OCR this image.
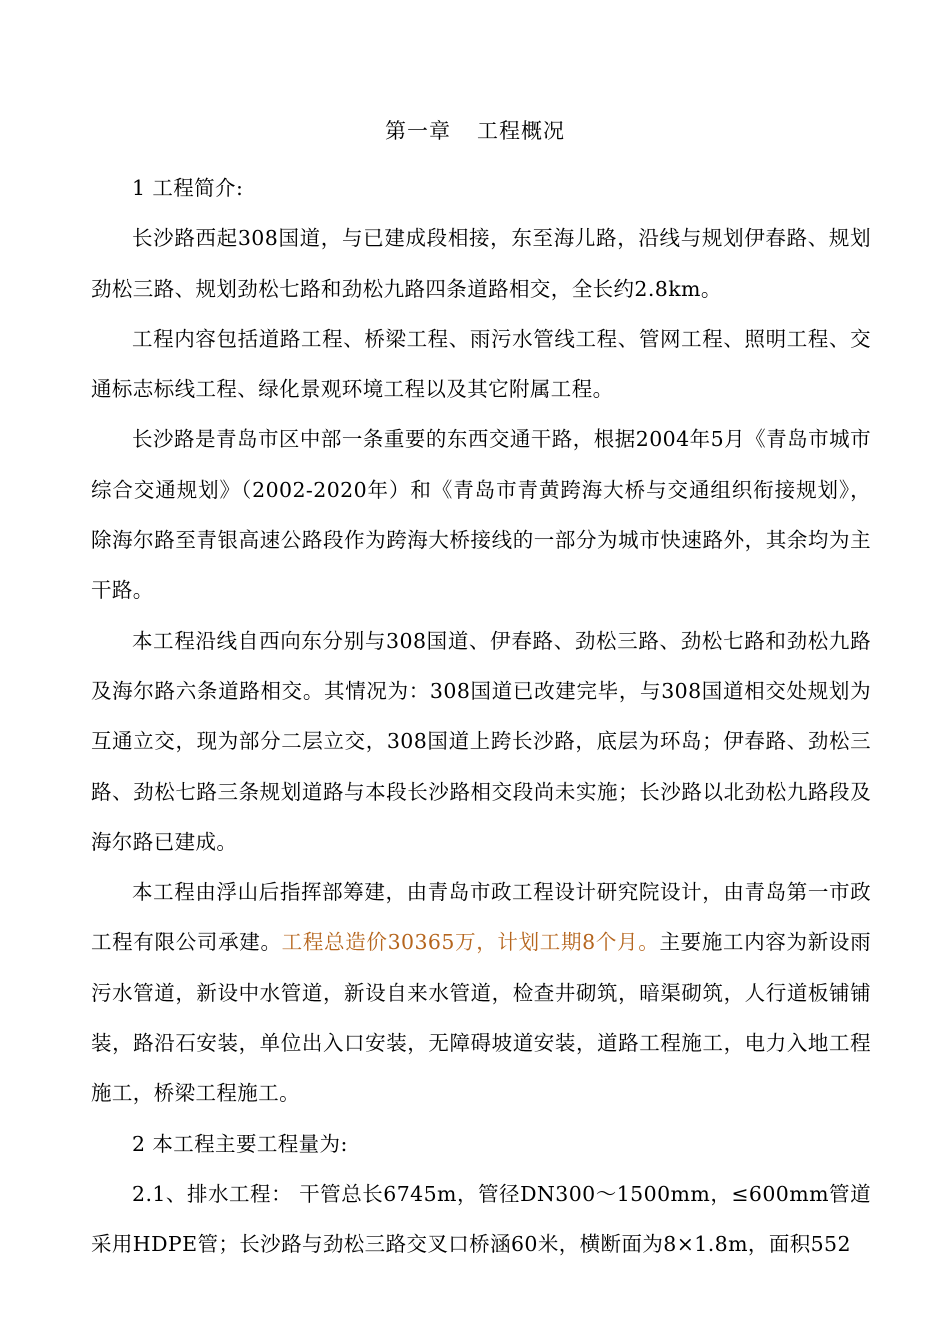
第一章 工程概况

1 工程简介:

长沙路西起308国道，与已建成段相接，东至海儿路，沿线与规划伊春路、规划劲松三路、规划劲松七路和劲松九路四条道路相交，全长约2.8km。

工程内容包括道路工程、桥梁工程、雨污水管线工程、管网工程、照明工程、交通标志标线工程、绿化景观环境工程以及其它附属工程。

长沙路是青岛市区中部一条重要的东西交通干路，根据2004年5月《青岛市城市综合交通规划》（2002-2020年）和《青岛市青黄跨海大桥与交通组织衔接规划》，除海尔路至青银高速公路段作为跨海大桥接线的一部分为城市快速路外，其余均为主干路。

本工程沿线自西向东分别与308国道、伊春路、劲松三路、劲松七路和劲松九路及海尔路六条道路相交。其情况为：308国道已改建完毕，与308国道相交处规划为互通立交，现为部分二层立交，308国道上跨长沙路，底层为环岛；伊春路、劲松三路、劲松七路三条规划道路与本段长沙路相交段尚未实施；长沙路以北劲松九路段及海尔路已建成。

本工程由浮山后指挥部筹建，由青岛市政工程设计研究院设计，由青岛第一市政工程有限公司承建。工程总造价30365万，计划工期8个月。主要施工内容为新设雨污水管道，新设中水管道，新设自来水管道，检查井砌筑，暗渠砌筑，人行道板铺铺装，路沿石安装，单位出入口安装，无障碍坡道安装，道路工程施工，电力入地工程施工，桥梁工程施工。

2 本工程主要工程量为:

2.1、排水工程： 干管总长6745m，管径DN300～1500mm，≤600mm管道采用HDPE管；长沙路与劲松三路交叉口桥涵60米，横断面为8×1.8m，面积552
